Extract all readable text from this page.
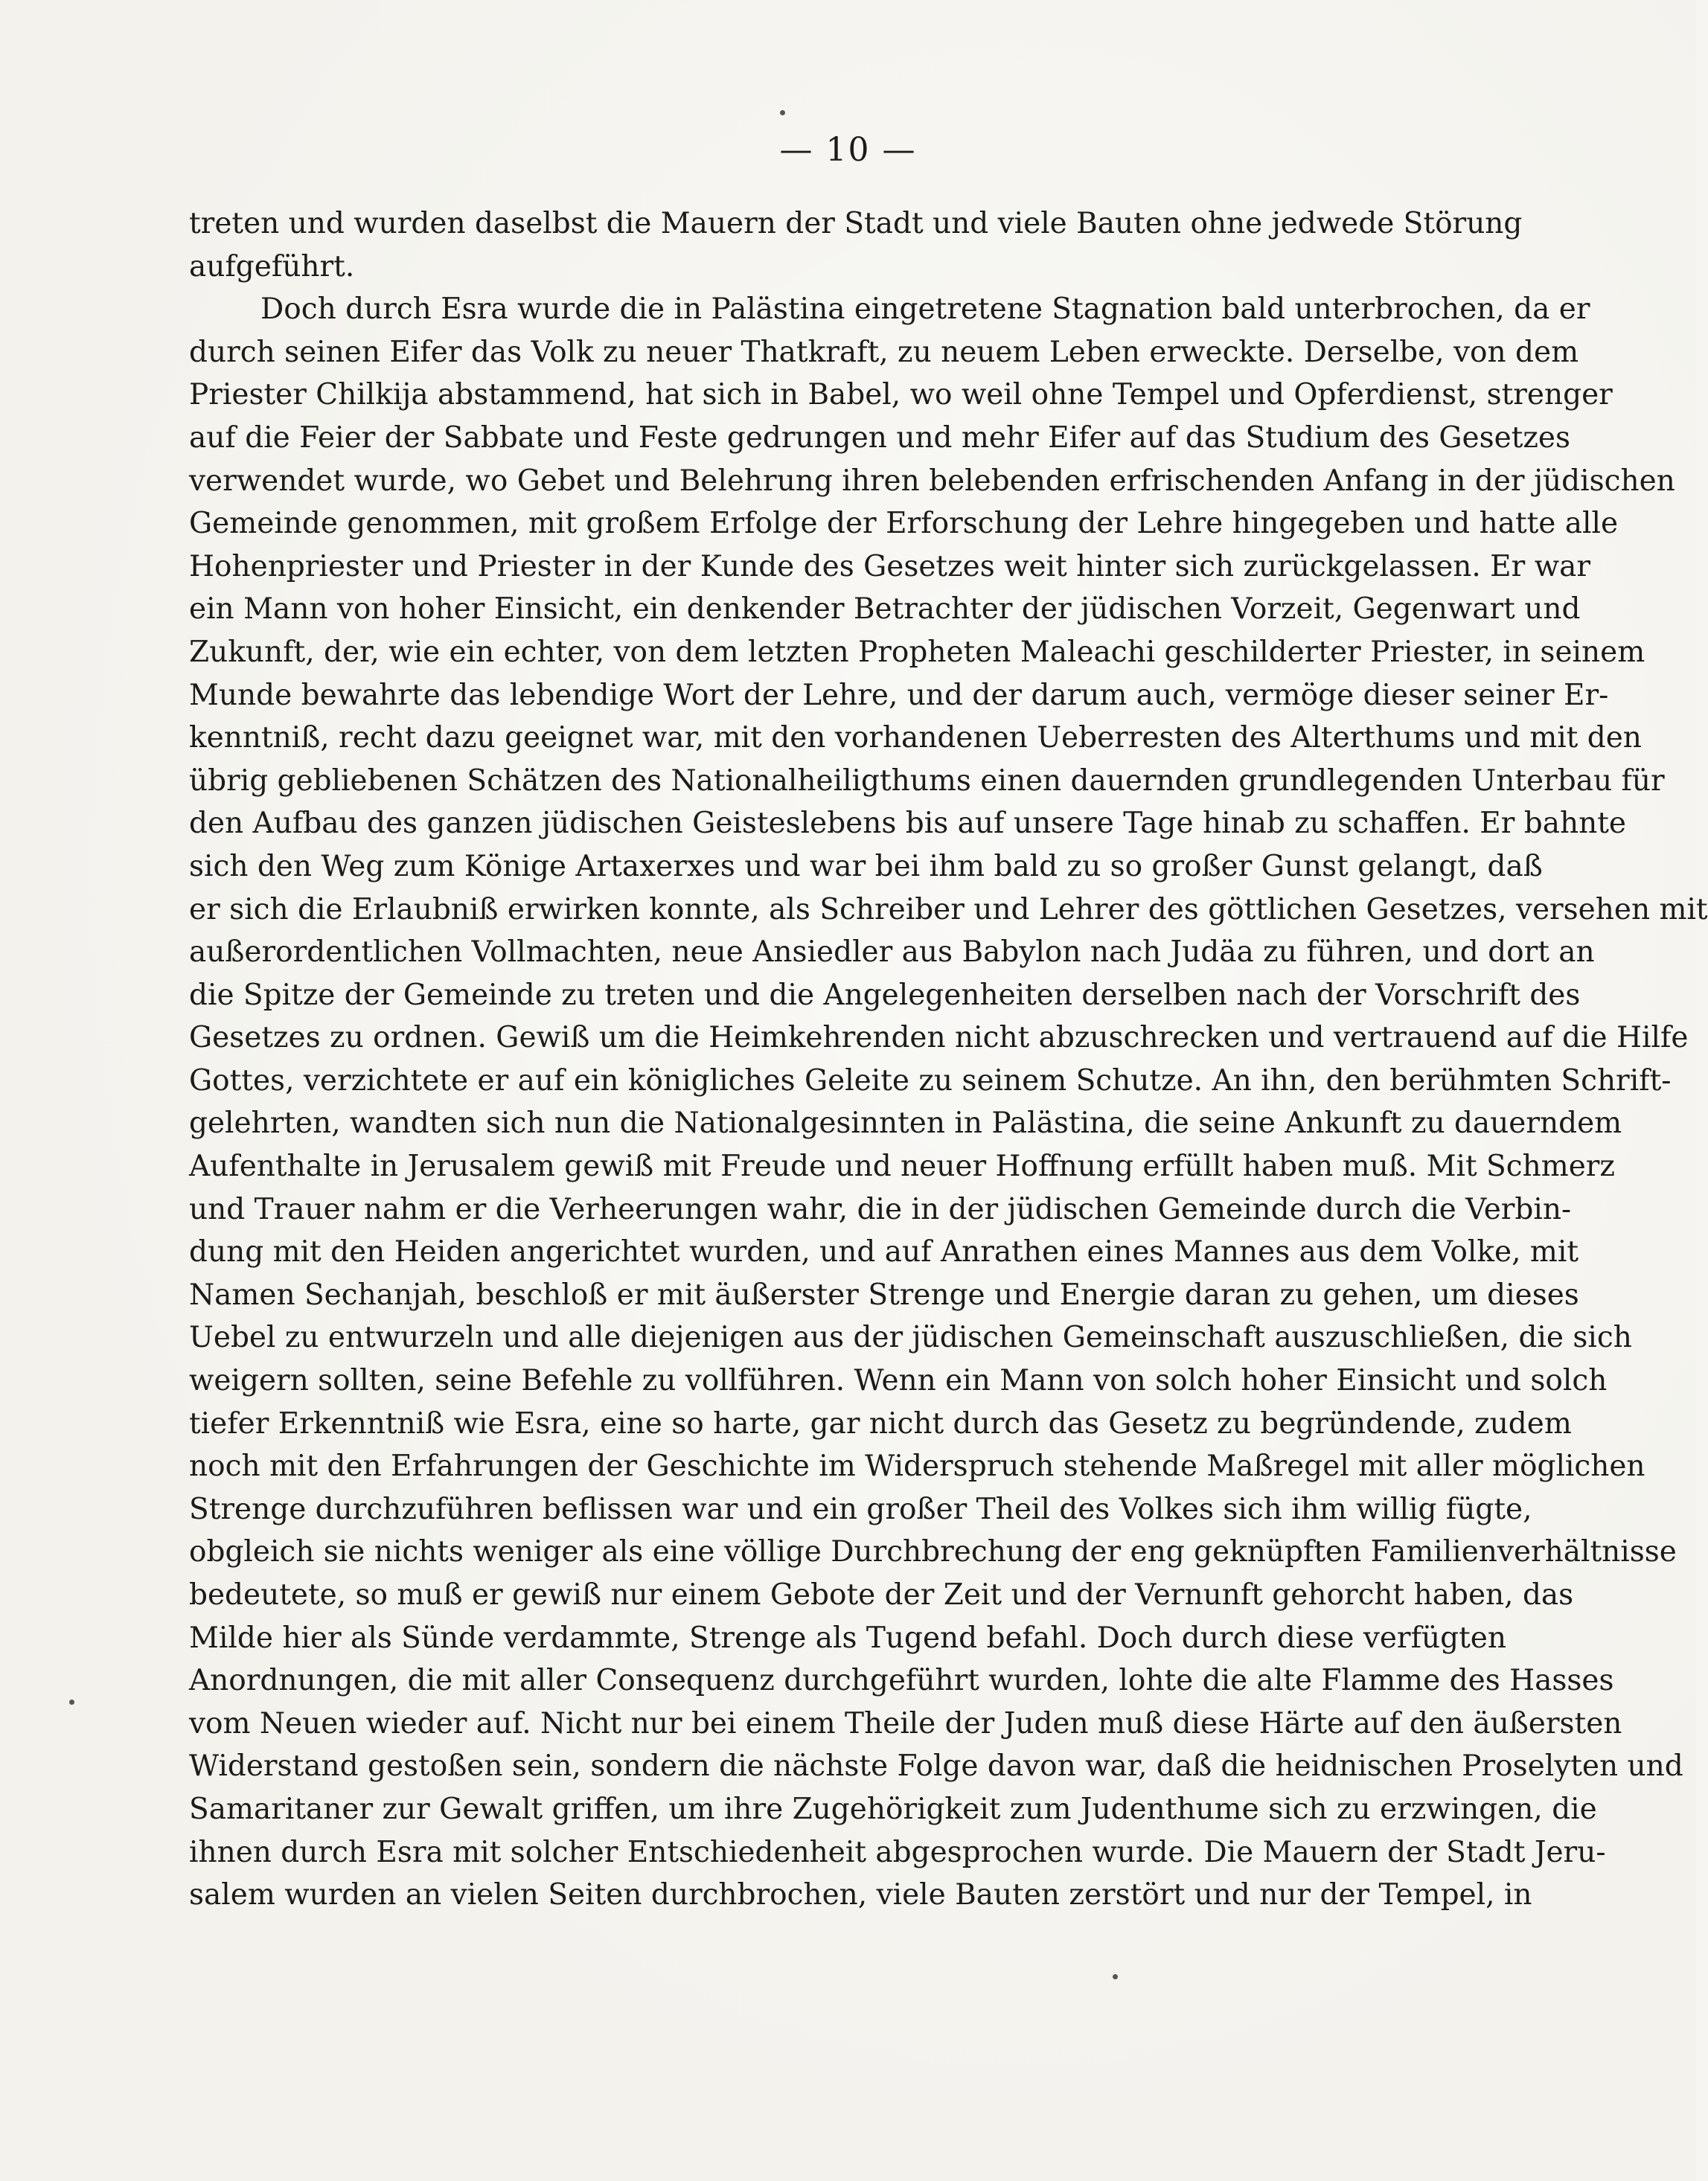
— 10 —
treten und wurden daselbst die Mauern der Stadt und viele Bauten ohne jedwede Störung
aufgeführt.
Doch durch Esra wurde die in Palästina eingetretene Stagnation bald unterbrochen, da er
durch seinen Eifer das Volk zu neuer Thatkraft, zu neuem Leben erweckte. Derselbe, von dem
Priester Chilkija abstammend, hat sich in Babel, wo weil ohne Tempel und Opferdienst, strenger
auf die Feier der Sabbate und Feste gedrungen und mehr Eifer auf das Studium des Gesetzes
verwendet wurde, wo Gebet und Belehrung ihren belebenden erfrischenden Anfang in der jüdischen
Gemeinde genommen, mit großem Erfolge der Erforschung der Lehre hingegeben und hatte alle
Hohenpriester und Priester in der Kunde des Gesetzes weit hinter sich zurückgelassen. Er war
ein Mann von hoher Einsicht, ein denkender Betrachter der jüdischen Vorzeit, Gegenwart und
Zukunft, der, wie ein echter, von dem letzten Propheten Maleachi geschilderter Priester, in seinem
Munde bewahrte das lebendige Wort der Lehre, und der darum auch, vermöge dieser seiner Er-
kenntniß, recht dazu geeignet war, mit den vorhandenen Ueberresten des Alterthums und mit den
übrig gebliebenen Schätzen des Nationalheiligthums einen dauernden grundlegenden Unterbau für
den Aufbau des ganzen jüdischen Geisteslebens bis auf unsere Tage hinab zu schaffen. Er bahnte
sich den Weg zum Könige Artaxerxes und war bei ihm bald zu so großer Gunst gelangt, daß
er sich die Erlaubniß erwirken konnte, als Schreiber und Lehrer des göttlichen Gesetzes, versehen mit
außerordentlichen Vollmachten, neue Ansiedler aus Babylon nach Judäa zu führen, und dort an
die Spitze der Gemeinde zu treten und die Angelegenheiten derselben nach der Vorschrift des
Gesetzes zu ordnen. Gewiß um die Heimkehrenden nicht abzuschrecken und vertrauend auf die Hilfe
Gottes, verzichtete er auf ein königliches Geleite zu seinem Schutze. An ihn, den berühmten Schrift-
gelehrten, wandten sich nun die Nationalgesinnten in Palästina, die seine Ankunft zu dauerndem
Aufenthalte in Jerusalem gewiß mit Freude und neuer Hoffnung erfüllt haben muß. Mit Schmerz
und Trauer nahm er die Verheerungen wahr, die in der jüdischen Gemeinde durch die Verbin-
dung mit den Heiden angerichtet wurden, und auf Anrathen eines Mannes aus dem Volke, mit
Namen Sechanjah, beschloß er mit äußerster Strenge und Energie daran zu gehen, um dieses
Uebel zu entwurzeln und alle diejenigen aus der jüdischen Gemeinschaft auszuschließen, die sich
weigern sollten, seine Befehle zu vollführen. Wenn ein Mann von solch hoher Einsicht und solch
tiefer Erkenntniß wie Esra, eine so harte, gar nicht durch das Gesetz zu begründende, zudem
noch mit den Erfahrungen der Geschichte im Widerspruch stehende Maßregel mit aller möglichen
Strenge durchzuführen beflissen war und ein großer Theil des Volkes sich ihm willig fügte,
obgleich sie nichts weniger als eine völlige Durchbrechung der eng geknüpften Familienverhältnisse
bedeutete, so muß er gewiß nur einem Gebote der Zeit und der Vernunft gehorcht haben, das
Milde hier als Sünde verdammte, Strenge als Tugend befahl. Doch durch diese verfügten
Anordnungen, die mit aller Consequenz durchgeführt wurden, lohte die alte Flamme des Hasses
vom Neuen wieder auf. Nicht nur bei einem Theile der Juden muß diese Härte auf den äußersten
Widerstand gestoßen sein, sondern die nächste Folge davon war, daß die heidnischen Proselyten und
Samaritaner zur Gewalt griffen, um ihre Zugehörigkeit zum Judenthume sich zu erzwingen, die
ihnen durch Esra mit solcher Entschiedenheit abgesprochen wurde. Die Mauern der Stadt Jeru-
salem wurden an vielen Seiten durchbrochen, viele Bauten zerstört und nur der Tempel, in
